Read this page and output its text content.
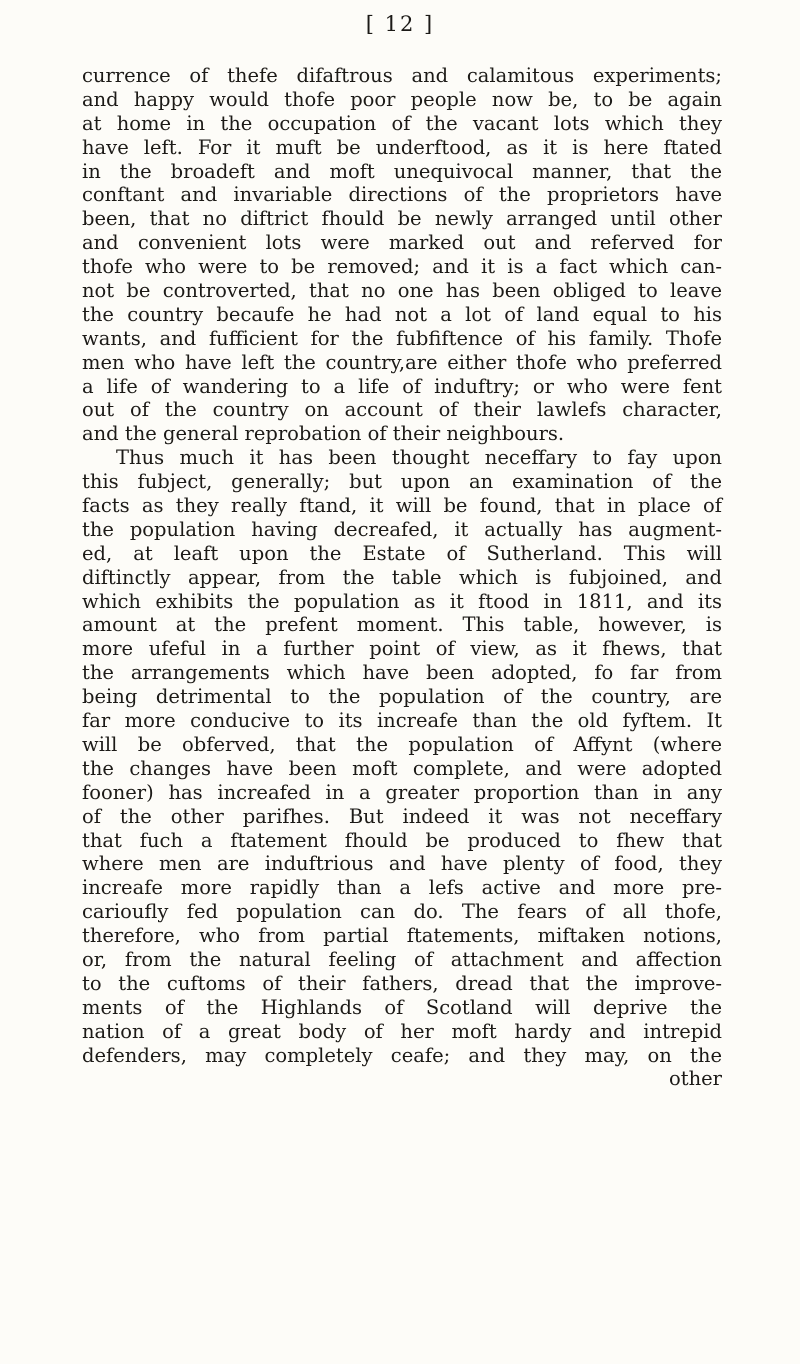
[ 12 ]
currence of thefe difaftrous and calamitous experiments;
and happy would thofe poor people now be, to be again
at home in the occupation of the vacant lots which they
have left. For it muft be underftood, as it is here ftated
in the broadeft and moft unequivocal manner, that the
conftant and invariable directions of the proprietors have
been, that no diftrict fhould be newly arranged until other
and convenient lots were marked out and referved for
thofe who were to be removed; and it is a fact which can-
not be controverted, that no one has been obliged to leave
the country becaufe he had not a lot of land equal to his
wants, and fufficient for the fubfiftence of his family. Thofe
men who have left the country,are either thofe who preferred
a life of wandering to a life of induftry; or who were fent
out of the country on account of their lawlefs character,
and the general reprobation of their neighbours.
Thus much it has been thought neceffary to fay upon
this fubject, generally; but upon an examination of the
facts as they really ftand, it will be found, that in place of
the population having decreafed, it actually has augment-
ed, at leaft upon the Estate of Sutherland. This will
diftinctly appear, from the table which is fubjoined, and
which exhibits the population as it ftood in 1811, and its
amount at the prefent moment. This table, however, is
more ufeful in a further point of view, as it fhews, that
the arrangements which have been adopted, fo far from
being detrimental to the population of the country, are
far more conducive to its increafe than the old fyftem. It
will be obferved, that the population of Affynt (where
the changes have been moft complete, and were adopted
fooner) has increafed in a greater proportion than in any
of the other parifhes. But indeed it was not neceffary
that fuch a ftatement fhould be produced to fhew that
where men are induftrious and have plenty of food, they
increafe more rapidly than a lefs active and more pre-
carioufly fed population can do. The fears of all thofe,
therefore, who from partial ftatements, miftaken notions,
or, from the natural feeling of attachment and affection
to the cuftoms of their fathers, dread that the improve-
ments of the Highlands of Scotland will deprive the
nation of a great body of her moft hardy and intrepid
defenders, may completely ceafe; and they may, on the
other
